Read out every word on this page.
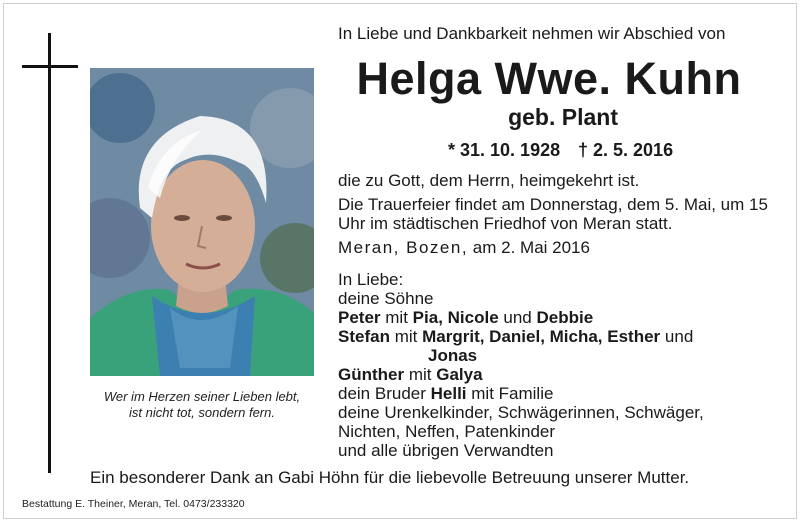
Wer im Herzen seiner Lieben lebt,
ist nicht tot, sondern fern.
In Liebe und Dankbarkeit nehmen wir Abschied von
Helga Wwe. Kuhn
geb. Plant
* 31. 10. 1928 † 2. 5. 2016
die zu Gott, dem Herrn, heimgekehrt ist.
Die Trauerfeier findet am Donnerstag, dem 5. Mai, um 15 Uhr im städtischen Friedhof von Meran statt.
Meran, Bozen, am 2. Mai 2016
In Liebe:
deine Söhne
Peter mit Pia, Nicole und Debbie
Stefan mit Margrit, Daniel, Micha, Esther und
Jonas
Günther mit Galya
dein Bruder Helli mit Familie
deine Urenkelkinder, Schwägerinnen, Schwäger,
Nichten, Neffen, Patenkinder
und alle übrigen Verwandten
Ein besonderer Dank an Gabi Höhn für die liebevolle Betreuung unserer Mutter.
Bestattung E. Theiner, Meran, Tel. 0473/233320
